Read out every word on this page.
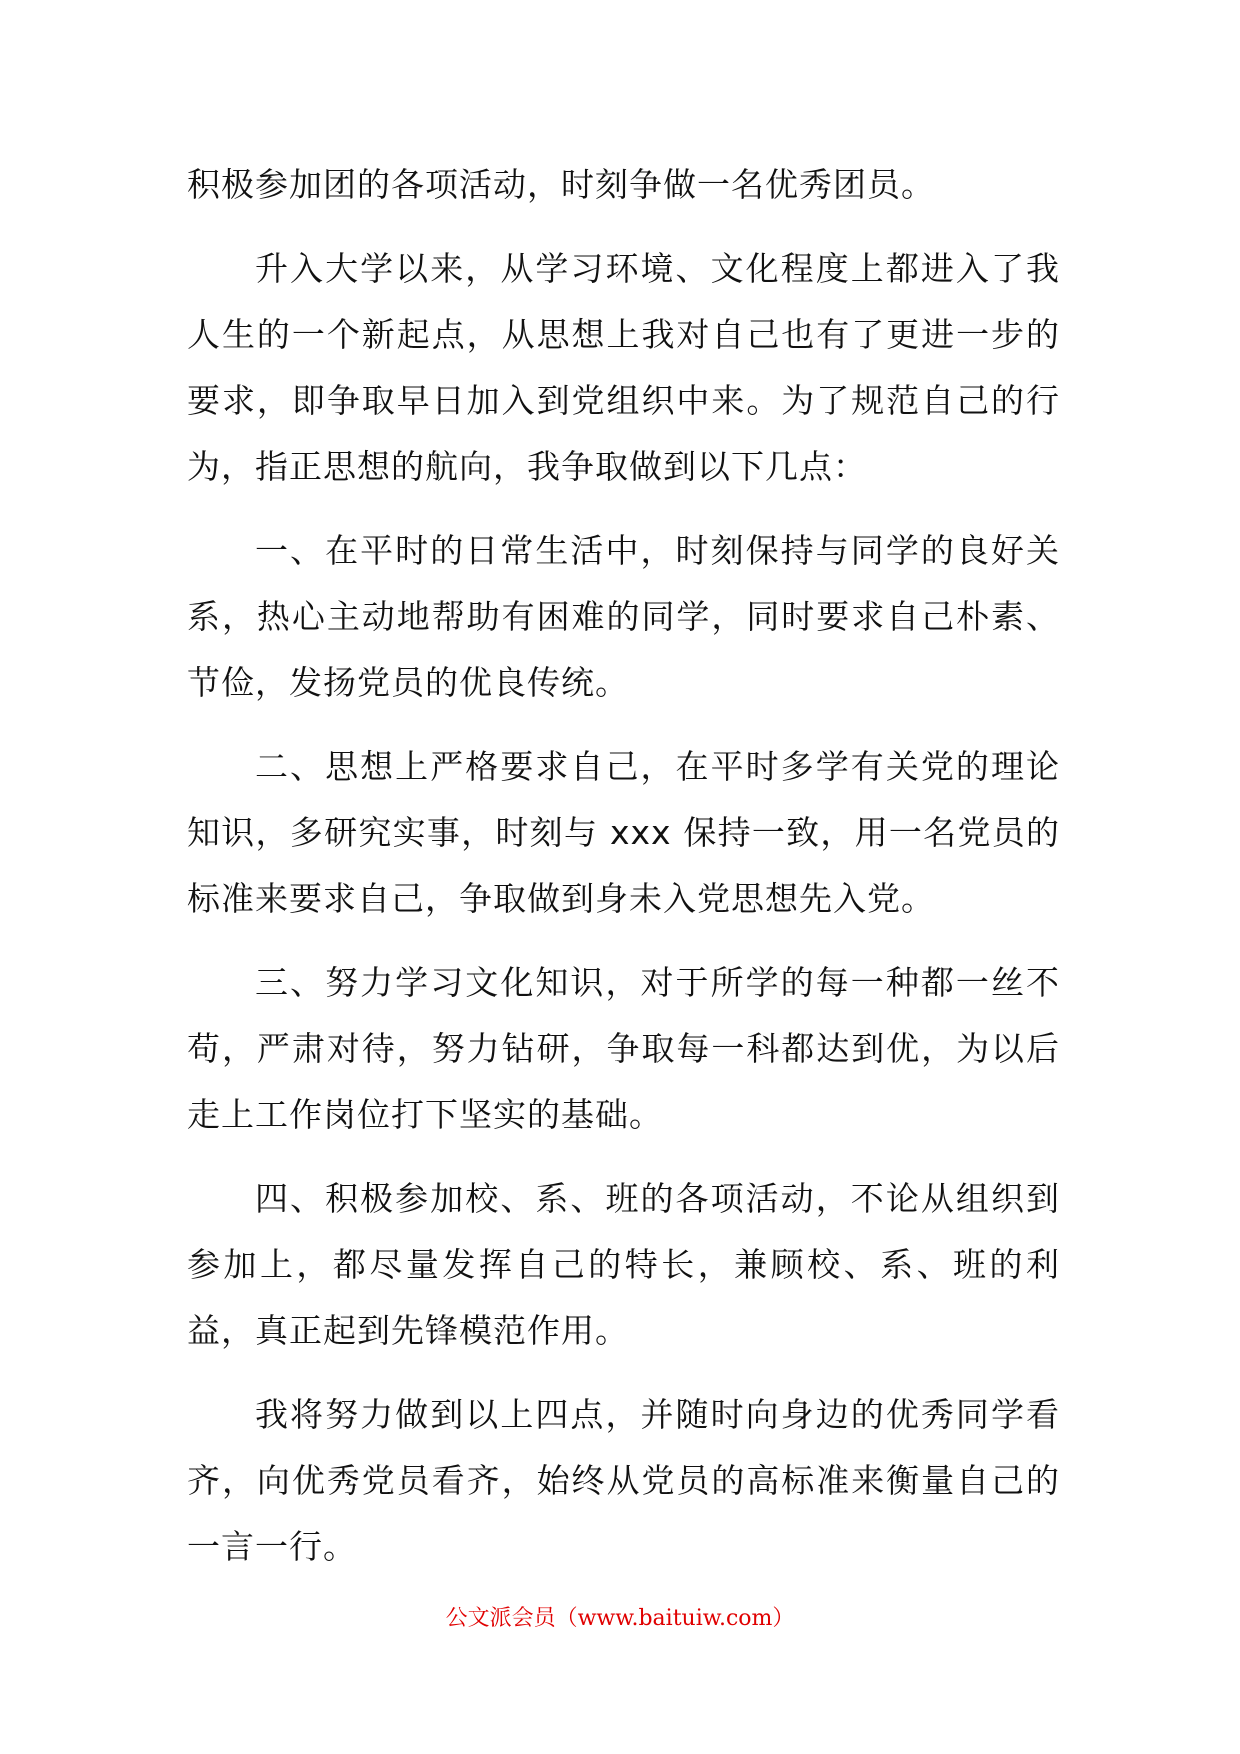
积极参加团的各项活动，时刻争做一名优秀团员。

升入大学以来，从学习环境、文化程度上都进入了我人生的一个新起点，从思想上我对自己也有了更进一步的要求，即争取早日加入到党组织中来。为了规范自己的行为，指正思想的航向，我争取做到以下几点：

一、在平时的日常生活中，时刻保持与同学的良好关系，热心主动地帮助有困难的同学，同时要求自己朴素、节俭，发扬党员的优良传统。

二、思想上严格要求自己，在平时多学有关党的理论知识，多研究实事，时刻与 xxx 保持一致，用一名党员的标准来要求自己，争取做到身未入党思想先入党。

三、努力学习文化知识，对于所学的每一种都一丝不苟，严肃对待，努力钻研，争取每一科都达到优，为以后走上工作岗位打下坚实的基础。

四、积极参加校、系、班的各项活动，不论从组织到参加上，都尽量发挥自己的特长，兼顾校、系、班的利益，真正起到先锋模范作用。

我将努力做到以上四点，并随时向身边的优秀同学看齐，向优秀党员看齐，始终从党员的高标准来衡量自己的一言一行。

公文派会员（www.baituiw.com）
